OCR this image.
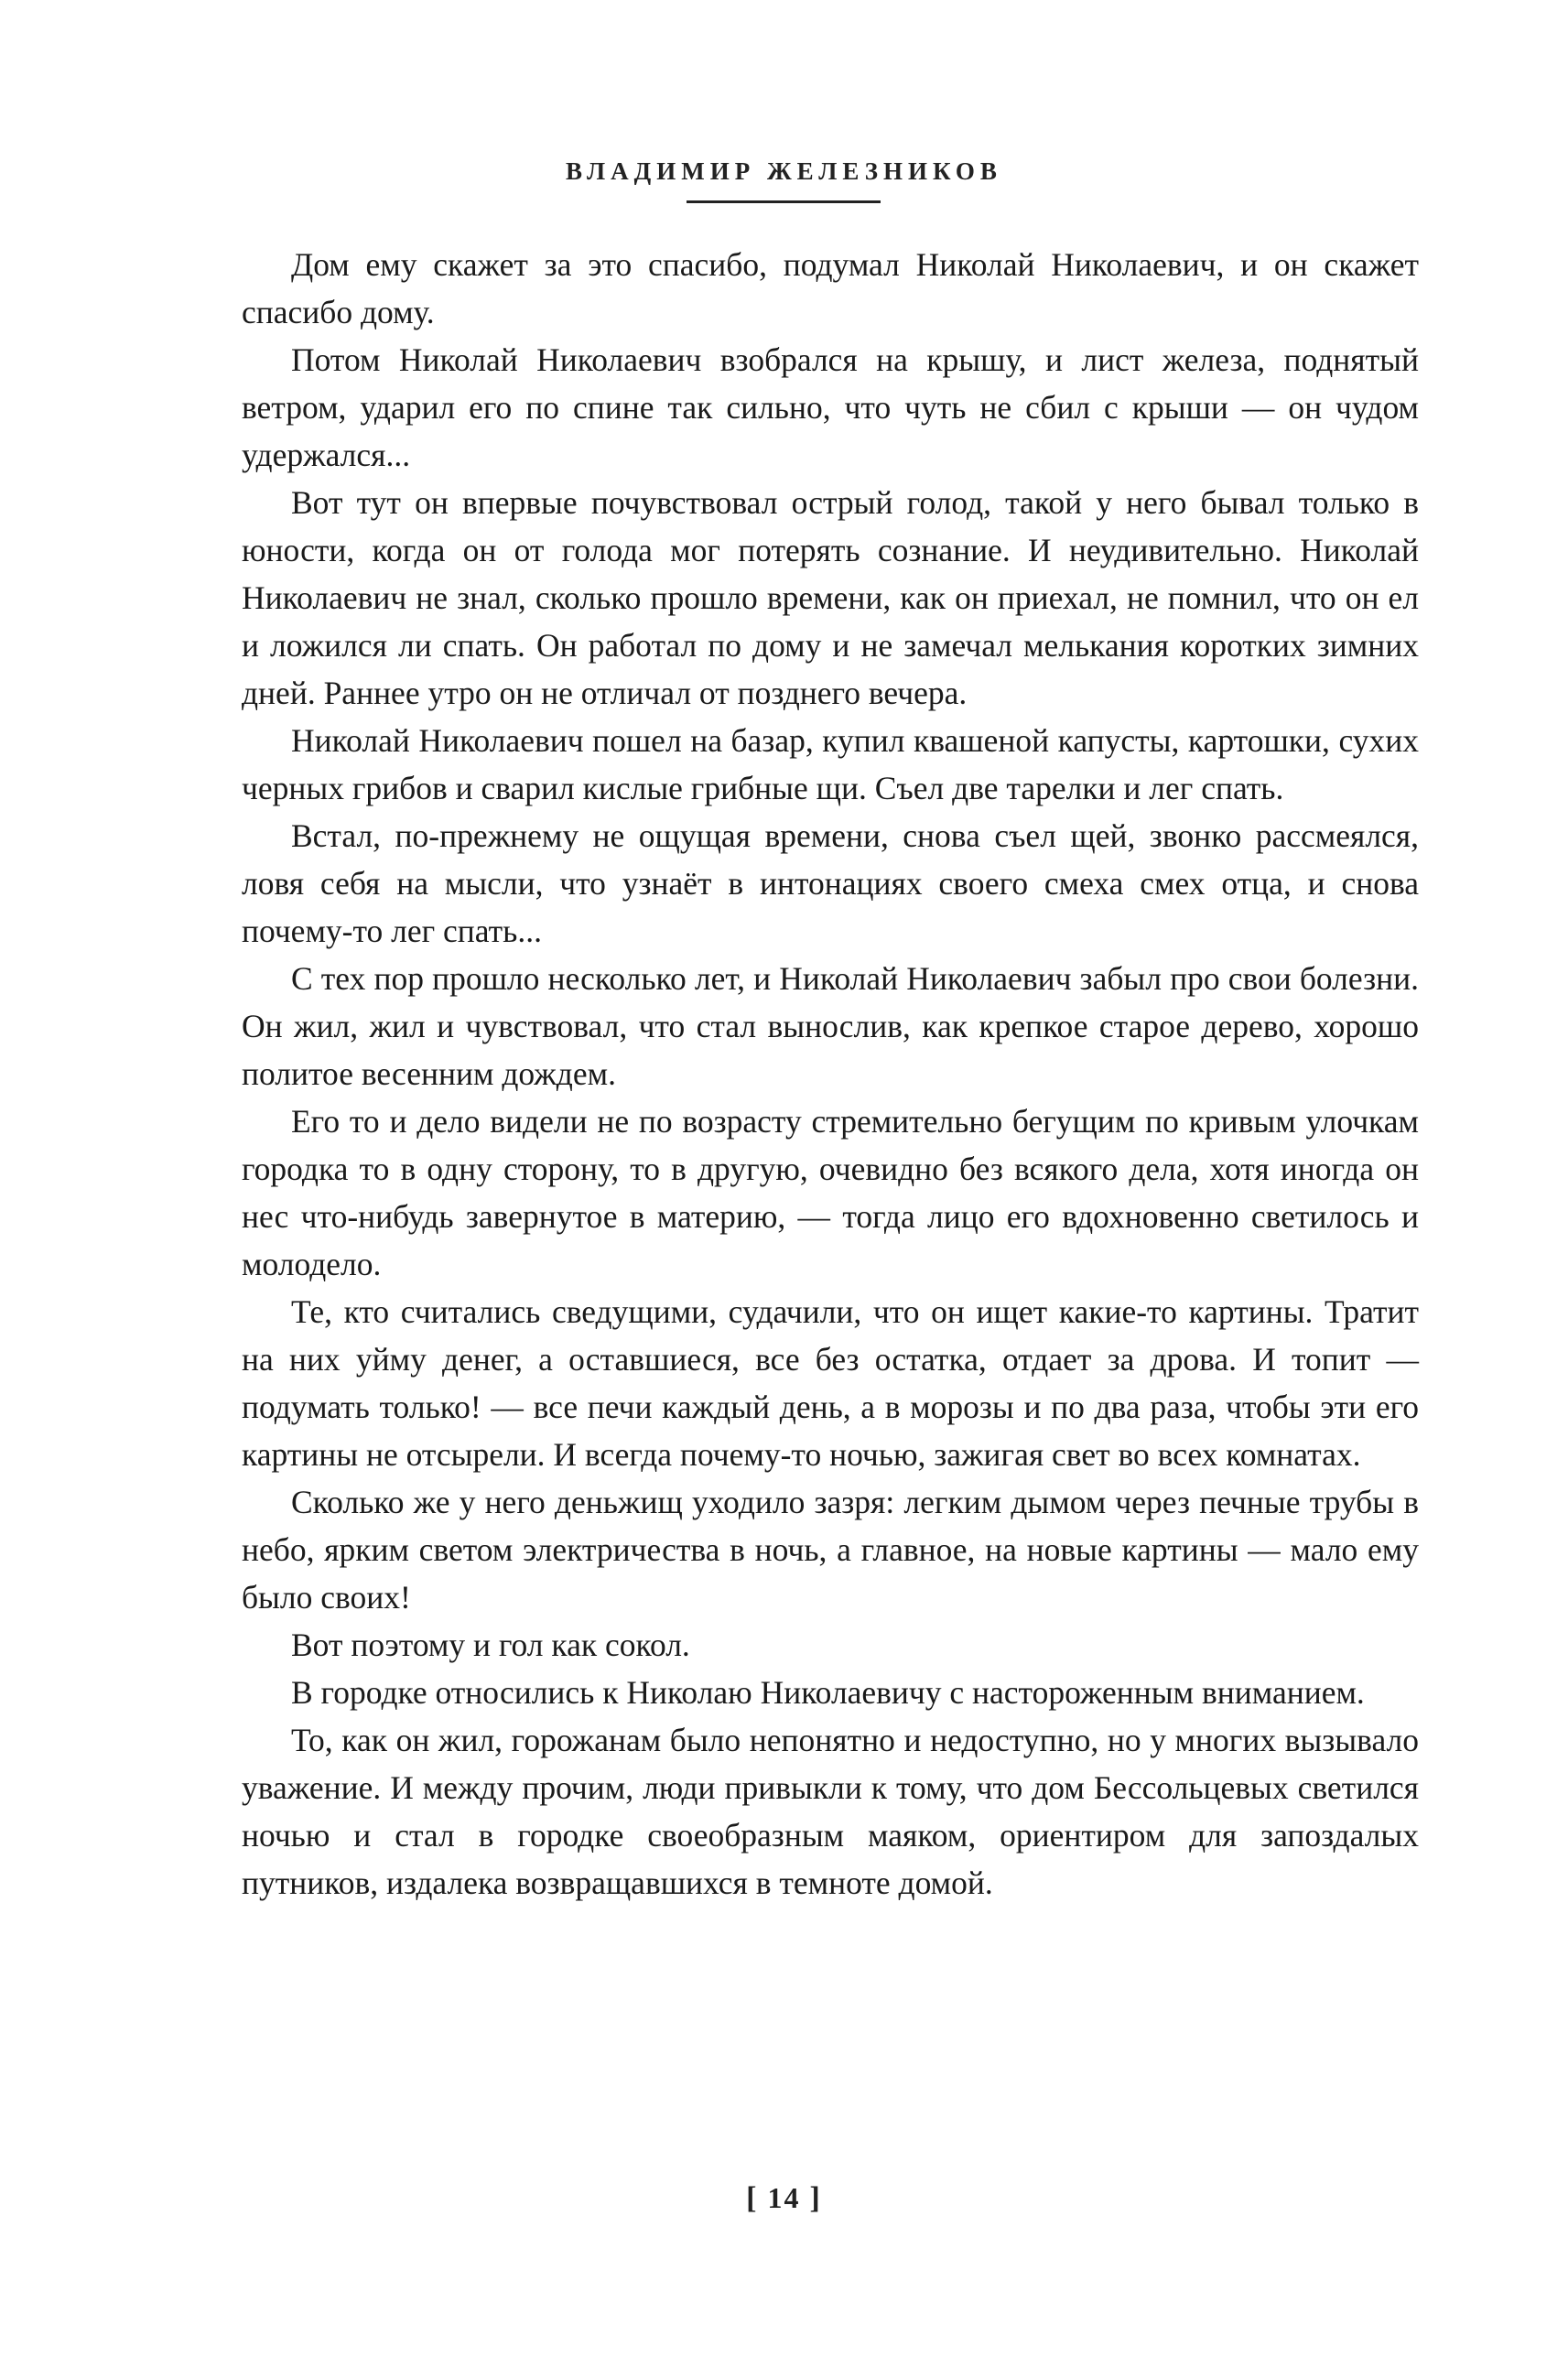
ВЛАДИМИР ЖЕЛЕЗНИКОВ

Дом ему скажет за это спасибо, подумал Николай Николаевич, и он скажет спасибо дому.

Потом Николай Николаевич взобрался на крышу, и лист железа, поднятый ветром, ударил его по спине так сильно, что чуть не сбил с крыши — он чудом удержался...

Вот тут он впервые почувствовал острый голод, такой у него бывал только в юности, когда он от голода мог потерять сознание. И неудивительно. Николай Николаевич не знал, сколько прошло времени, как он приехал, не помнил, что он ел и ложился ли спать. Он работал по дому и не замечал мелькания коротких зимних дней. Раннее утро он не отличал от позднего вечера.

Николай Николаевич пошел на базар, купил квашеной капусты, картошки, сухих черных грибов и сварил кислые грибные щи. Съел две тарелки и лег спать.

Встал, по-прежнему не ощущая времени, снова съел щей, звонко рассмеялся, ловя себя на мысли, что узнаёт в интонациях своего смеха смех отца, и снова почему-то лег спать...

С тех пор прошло несколько лет, и Николай Николаевич забыл про свои болезни. Он жил, жил и чувствовал, что стал вынослив, как крепкое старое дерево, хорошо политое весенним дождем.

Его то и дело видели не по возрасту стремительно бегущим по кривым улочкам городка то в одну сторону, то в другую, очевидно без всякого дела, хотя иногда он нес что-нибудь завернутое в материю, — тогда лицо его вдохновенно светилось и молодело.

Те, кто считались сведущими, судачили, что он ищет какие-то картины. Тратит на них уйму денег, а оставшиеся, все без остатка, отдает за дрова. И топит — подумать только! — все печи каждый день, а в морозы и по два раза, чтобы эти его картины не отсырели. И всегда почему-то ночью, зажигая свет во всех комнатах.

Сколько же у него деньжищ уходило зазря: легким дымом через печные трубы в небо, ярким светом электричества в ночь, а главное, на новые картины — мало ему было своих!

Вот поэтому и гол как сокол.

В городке относились к Николаю Николаевичу с настороженным вниманием.

То, как он жил, горожанам было непонятно и недоступно, но у многих вызывало уважение. И между прочим, люди привыкли к тому, что дом Бессольцевых светился ночью и стал в городке своеобразным маяком, ориентиром для запоздалых путников, издалека возвращавшихся в темноте домой.

[ 14 ]
